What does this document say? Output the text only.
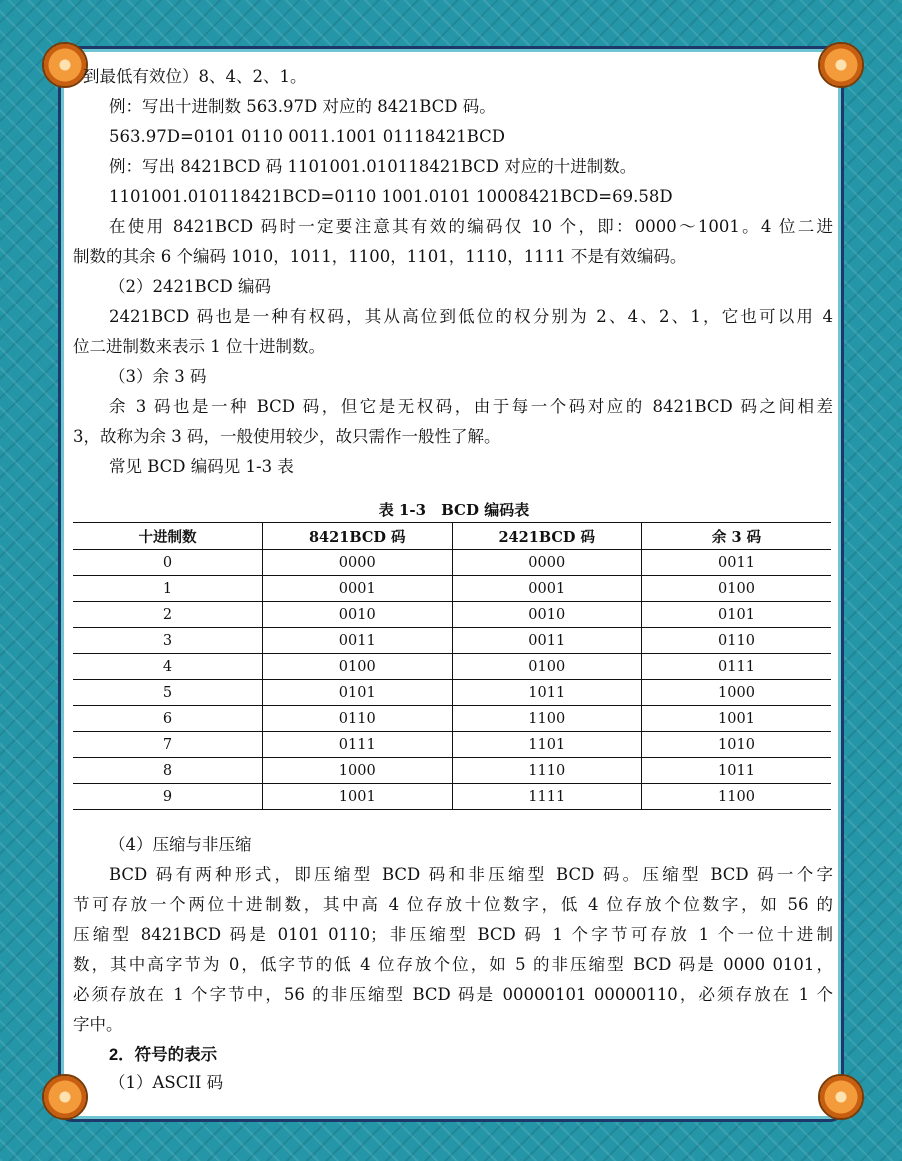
到最低有效位）8、4、2、1。
例：写出十进制数 563.97D 对应的 8421BCD 码。
563.97D=0101 0110 0011.1001 01118421BCD
例：写出 8421BCD 码 1101001.010118421BCD 对应的十进制数。
1101001.010118421BCD=0110 1001.0101 10008421BCD=69.58D
在使用 8421BCD 码时一定要注意其有效的编码仅 10 个，即：0000～1001。4 位二进
制数的其余 6 个编码 1010，1011，1100，1101，1110，1111 不是有效编码。
（2）2421BCD 编码
2421BCD 码也是一种有权码，其从高位到低位的权分别为 2、4、2、1，它也可以用 4
位二进制数来表示 1 位十进制数。
（3）余 3 码
余 3 码也是一种 BCD 码，但它是无权码，由于每一个码对应的 8421BCD 码之间相差
3，故称为余 3 码，一般使用较少，故只需作一般性了解。
常见 BCD 编码见 1-3 表
表 1-3　BCD 编码表
十进制数	8421BCD 码	2421BCD 码	余 3 码
0	0000	0000	0011
1	0001	0001	0100
2	0010	0010	0101
3	0011	0011	0110
4	0100	0100	0111
5	0101	1011	1000
6	0110	1100	1001
7	0111	1101	1010
8	1000	1110	1011
9	1001	1111	1100
（4）压缩与非压缩
BCD 码有两种形式，即压缩型 BCD 码和非压缩型 BCD 码。压缩型 BCD 码一个字
节可存放一个两位十进制数，其中高 4 位存放十位数字，低 4 位存放个位数字，如 56 的
压缩型 8421BCD 码是 0101 0110；非压缩型 BCD 码 1 个字节可存放 1 个一位十进制
数，其中高字节为 0，低字节的低 4 位存放个位，如 5 的非压缩型 BCD 码是 0000 0101，
必须存放在 1 个字节中，56 的非压缩型 BCD 码是 00000101 00000110，必须存放在 1 个
字中。
2．符号的表示
（1）ASCII 码
